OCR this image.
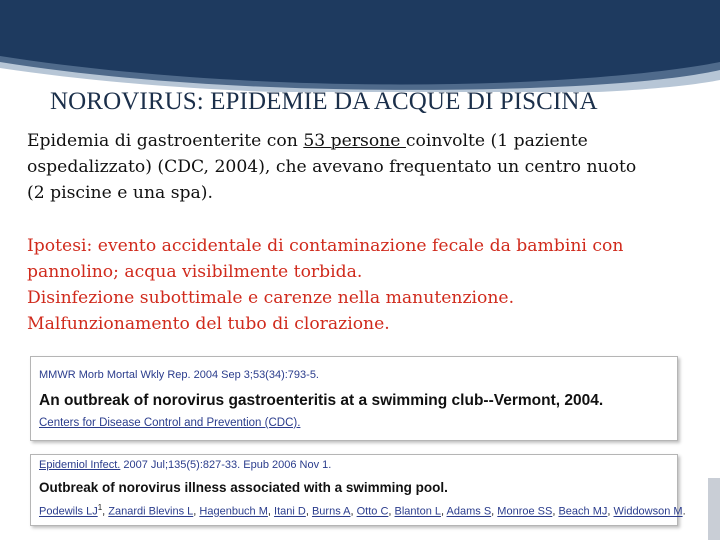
NOROVIRUS: EPIDEMIE DA ACQUE DI PISCINA
Epidemia di gastroenterite con 53 persone coinvolte (1 paziente
ospedalizzato) (CDC, 2004), che avevano frequentato un centro nuoto
(2 piscine e una spa).
Ipotesi: evento accidentale di contaminazione fecale da bambini con
pannolino; acqua visibilmente torbida.
Disinfezione subottimale e carenze nella manutenzione.
Malfunzionamento del tubo di clorazione.
MMWR Morb Mortal Wkly Rep. 2004 Sep 3;53(34):793-5.
An outbreak of norovirus gastroenteritis at a swimming club--Vermont, 2004.
Centers for Disease Control and Prevention (CDC).
Epidemiol Infect. 2007 Jul;135(5):827-33. Epub 2006 Nov 1.
Outbreak of norovirus illness associated with a swimming pool.
Podewils $LJ^1$, Zanardi Blevins L, Hagenbuch M, Itani D, Burns A, Otto C, Blanton L, Adams S, Monroe SS, Beach MJ, Widdowson M.
